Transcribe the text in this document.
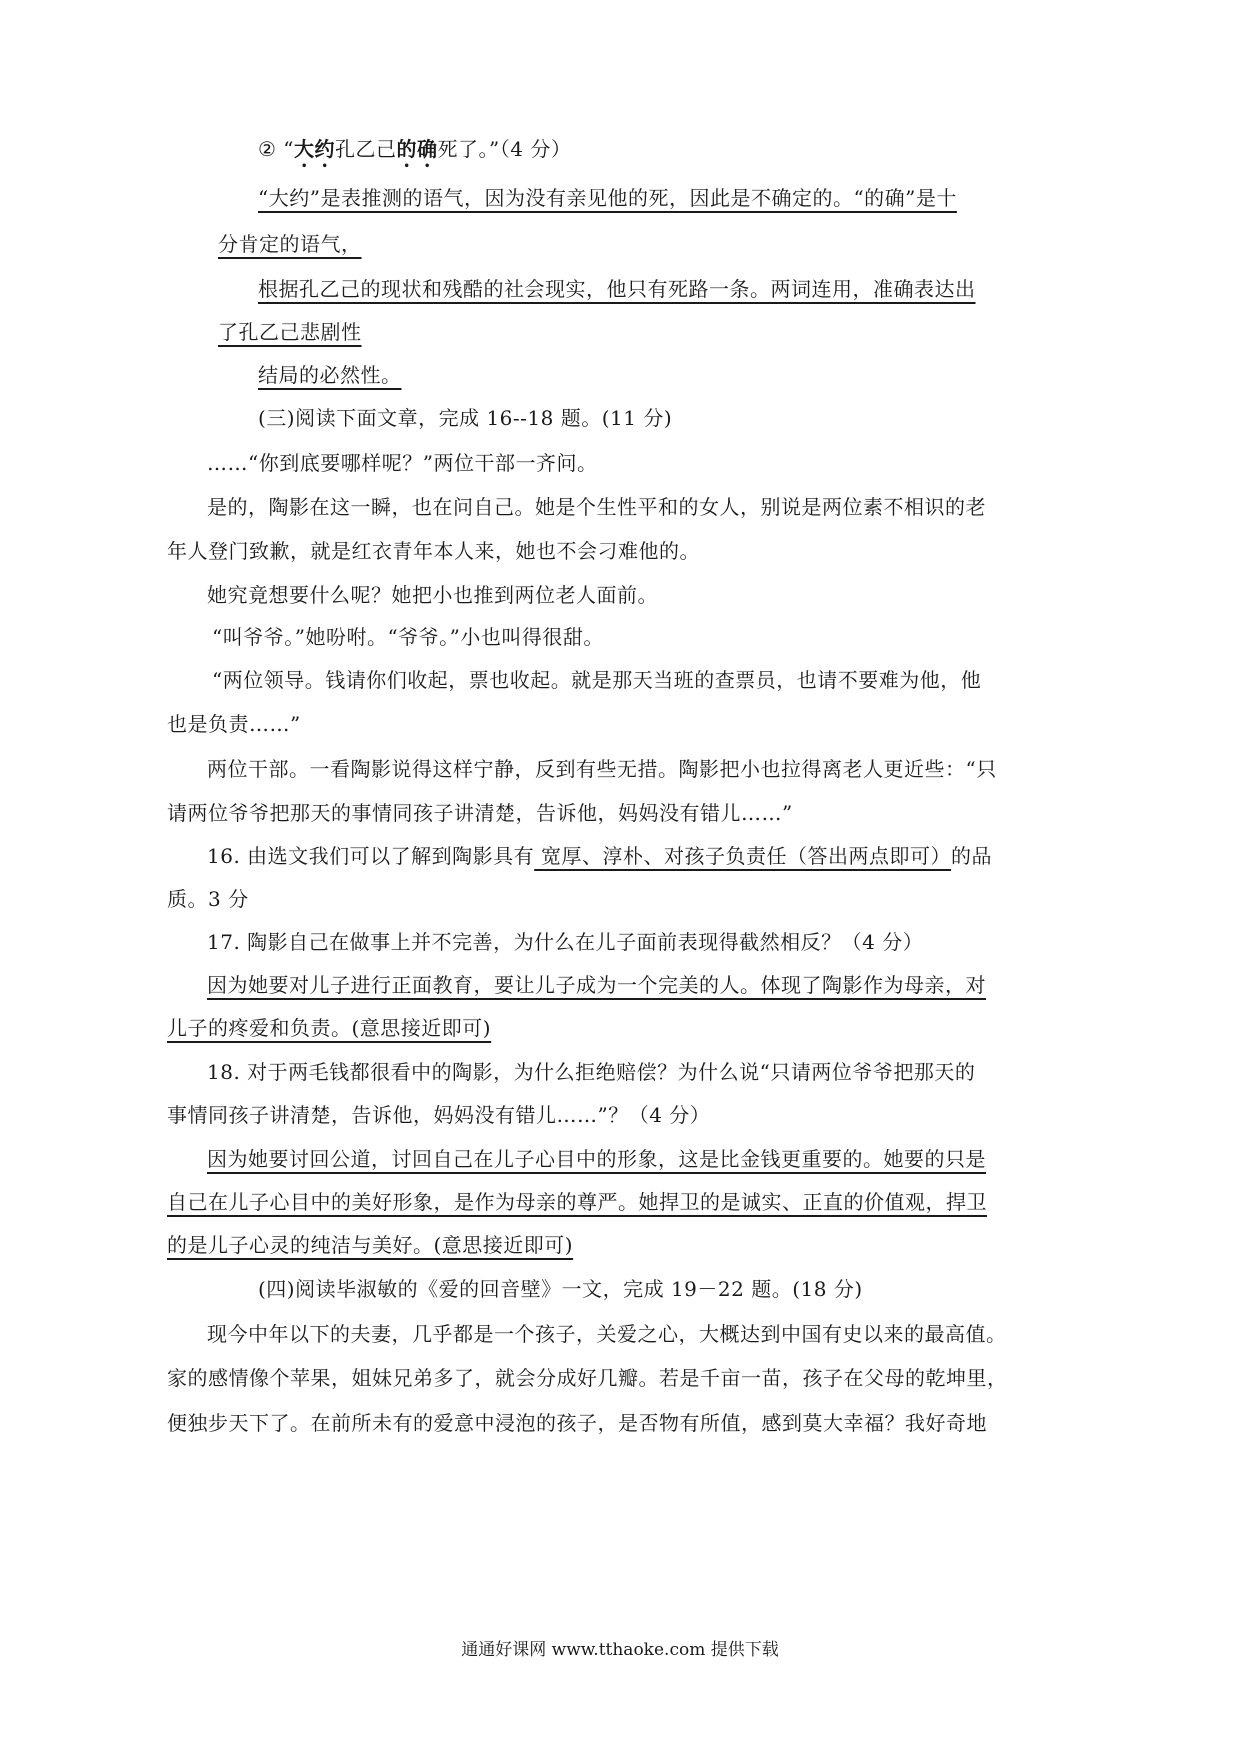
② “大约孔乙己的确死了。”（4 分）
“大约”是表推测的语气，因为没有亲见他的死，因此是不确定的。“的确”是十
分肯定的语气，
根据孔乙己的现状和残酷的社会现实，他只有死路一条。两词连用，准确表达出
了孔乙己悲剧性
结局的必然性。
(三)阅读下面文章，完成 16--18 题。(11 分)
……“你到底要哪样呢？”两位干部一齐问。
是的，陶影在这一瞬，也在问自己。她是个生性平和的女人，别说是两位素不相识的老
年人登门致歉，就是红衣青年本人来，她也不会刁难他的。
她究竟想要什么呢？她把小也推到两位老人面前。
“叫爷爷。”她吩咐。“爷爷。”小也叫得很甜。
“两位领导。钱请你们收起，票也收起。就是那天当班的查票员，也请不要难为他，他
也是负责……”
两位干部。一看陶影说得这样宁静，反到有些无措。陶影把小也拉得离老人更近些：“只
请两位爷爷把那天的事情同孩子讲清楚，告诉他，妈妈没有错儿……”
16. 由选文我们可以了解到陶影具有 宽厚、淳朴、对孩子负责任（答出两点即可）的品
质。3 分
17. 陶影自己在做事上并不完善，为什么在儿子面前表现得截然相反？（4 分）
因为她要对儿子进行正面教育，要让儿子成为一个完美的人。体现了陶影作为母亲，对
儿子的疼爱和负责。(意思接近即可)
18. 对于两毛钱都很看中的陶影，为什么拒绝赔偿？为什么说“只请两位爷爷把那天的
事情同孩子讲清楚，告诉他，妈妈没有错儿……”？（4 分）
因为她要讨回公道，讨回自己在儿子心目中的形象，这是比金钱更重要的。她要的只是
自己在儿子心目中的美好形象，是作为母亲的尊严。她捍卫的是诚实、正直的价值观，捍卫
的是儿子心灵的纯洁与美好。(意思接近即可)
(四)阅读毕淑敏的《爱的回音壁》一文，完成 19－22 题。(18 分)
现今中年以下的夫妻，几乎都是一个孩子，关爱之心，大概达到中国有史以来的最高值。
家的感情像个苹果，姐妹兄弟多了，就会分成好几瓣。若是千亩一苗，孩子在父母的乾坤里，
便独步天下了。在前所未有的爱意中浸泡的孩子，是否物有所值，感到莫大幸福？我好奇地
通通好课网 www.tthaoke.com 提供下载
